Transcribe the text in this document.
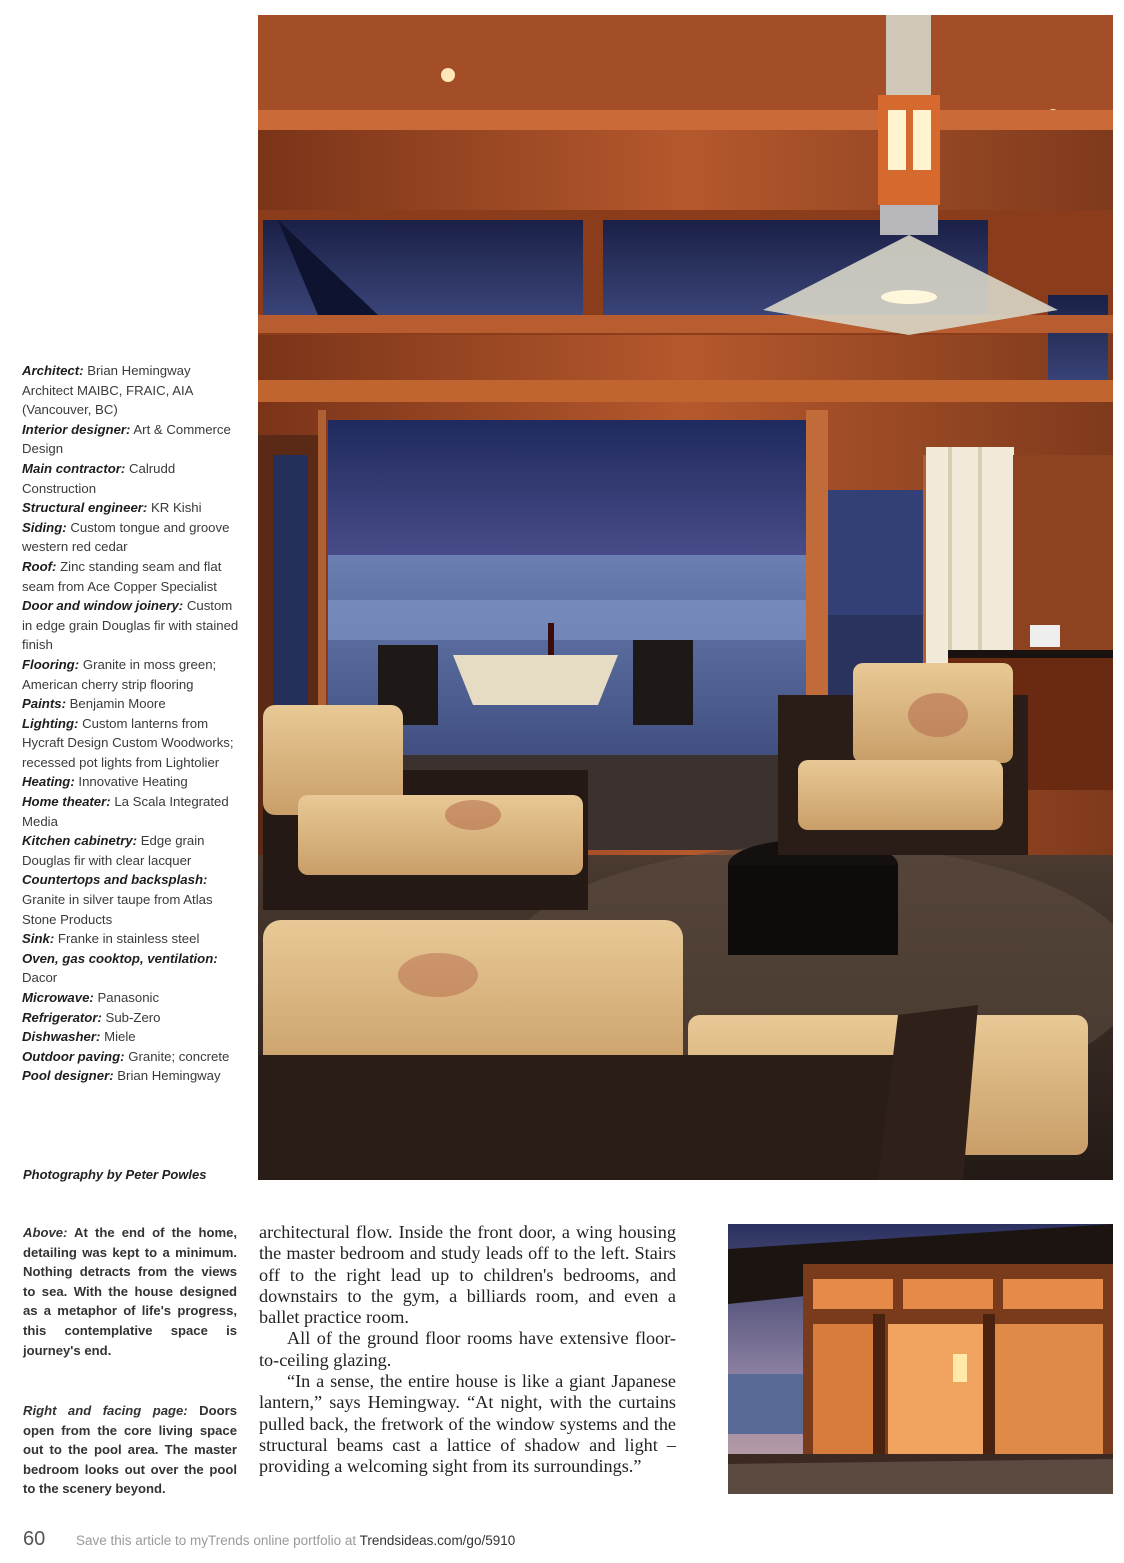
Architect: Brian Hemingway Architect MAIBC, FRAIC, AIA (Vancouver, BC)

Interior designer: Art & Commerce Design

Main contractor: Calrudd Construction

Structural engineer: KR Kishi

Siding: Custom tongue and groove western red cedar

Roof: Zinc standing seam and flat seam from Ace Copper Specialist

Door and window joinery: Custom in edge grain Douglas fir with stained finish

Flooring: Granite in moss green; American cherry strip flooring

Paints: Benjamin Moore

Lighting: Custom lanterns from Hycraft Design Custom Woodworks; recessed pot lights from Lightolier

Heating: Innovative Heating

Home theater: La Scala Integrated Media

Kitchen cabinetry: Edge grain Douglas fir with clear lacquer

Countertops and backsplash: Granite in silver taupe from Atlas Stone Products

Sink: Franke in stainless steel

Oven, gas cooktop, ventilation: Dacor

Microwave: Panasonic

Refrigerator: Sub-Zero

Dishwasher: Miele

Outdoor paving: Granite; concrete

Pool designer: Brian Hemingway

Photography by Peter Powles
Above: At the end of the home, detailing was kept to a minimum. Nothing detracts from the views to sea. With the house designed as a metaphor of life's progress, this contemplative space is journey's end.
Right and facing page: Doors open from the core living space out to the pool area. The master bedroom looks out over the pool to the scenery beyond.

architectural flow. Inside the front door, a wing housing the master bedroom and study leads off to the left. Stairs off to the right lead up to children's bedrooms, and downstairs to the gym, a billiards room, and even a ballet practice room.

All of the ground floor rooms have extensive floor-to-ceiling glazing.

“In a sense, the entire house is like a giant Japanese lantern,” says Hemingway. “At night, with the curtains pulled back, the fretwork of the window systems and the structural beams cast a lattice of shadow and light – providing a welcoming sight from its surroundings.”

60 Save this article to myTrends online portfolio at Trendsideas.com/go/5910
